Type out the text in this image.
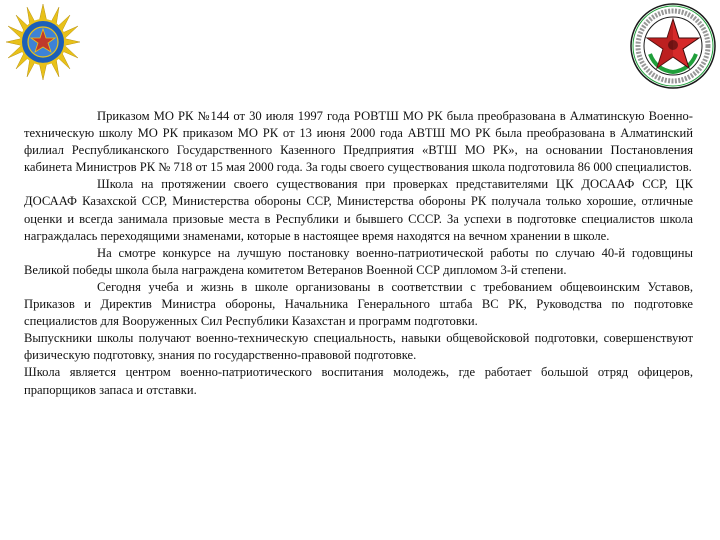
Приказом МО РК №144 от 30 июля 1997 года РОВТШ МО РК была преобразована в Алматинскую Военно-техническую школу МО РК приказом МО РК от 13 июня 2000 года АВТШ МО РК была преобразована в Алматинский филиал Республиканского Государственного Казенного Предприятия «ВТШ МО РК», на основании Постановления кабинета Министров РК № 718 от 15 мая 2000 года. За годы своего существования школа подготовила 86 000 специалистов.

Школа на протяжении своего существования при проверках представителями ЦК ДОСААФ ССР, ЦК ДОСААФ Казахской ССР, Министерства обороны ССР, Министерства обороны РК получала только хорошие, отличные оценки и всегда занимала призовые места в Республики и бывшего СССР. За успехи в подготовке специалистов школа награждалась переходящими знаменами, которые в настоящее время находятся на вечном хранении в школе.

На смотре конкурсе на лучшую постановку военно-патриотической работы по случаю 40-й годовщины Великой победы школа была награждена комитетом Ветеранов Военной ССР дипломом 3-й степени.

Сегодня учеба и жизнь в школе организованы в соответствии с требованием общевоинским Уставов, Приказов и Директив Министра обороны, Начальника Генерального штаба ВС РК, Руководства по подготовке специалистов для Вооруженных Сил Республики Казахстан и программ подготовки.

Выпускники школы получают военно-техническую специальность, навыки общевойсковой подготовки, совершенствуют физическую подготовку, знания по государственно-правовой подготовке.

Школа является центром военно-патриотического воспитания молодежь, где работает большой отряд офицеров, прапорщиков запаса и отставки.
